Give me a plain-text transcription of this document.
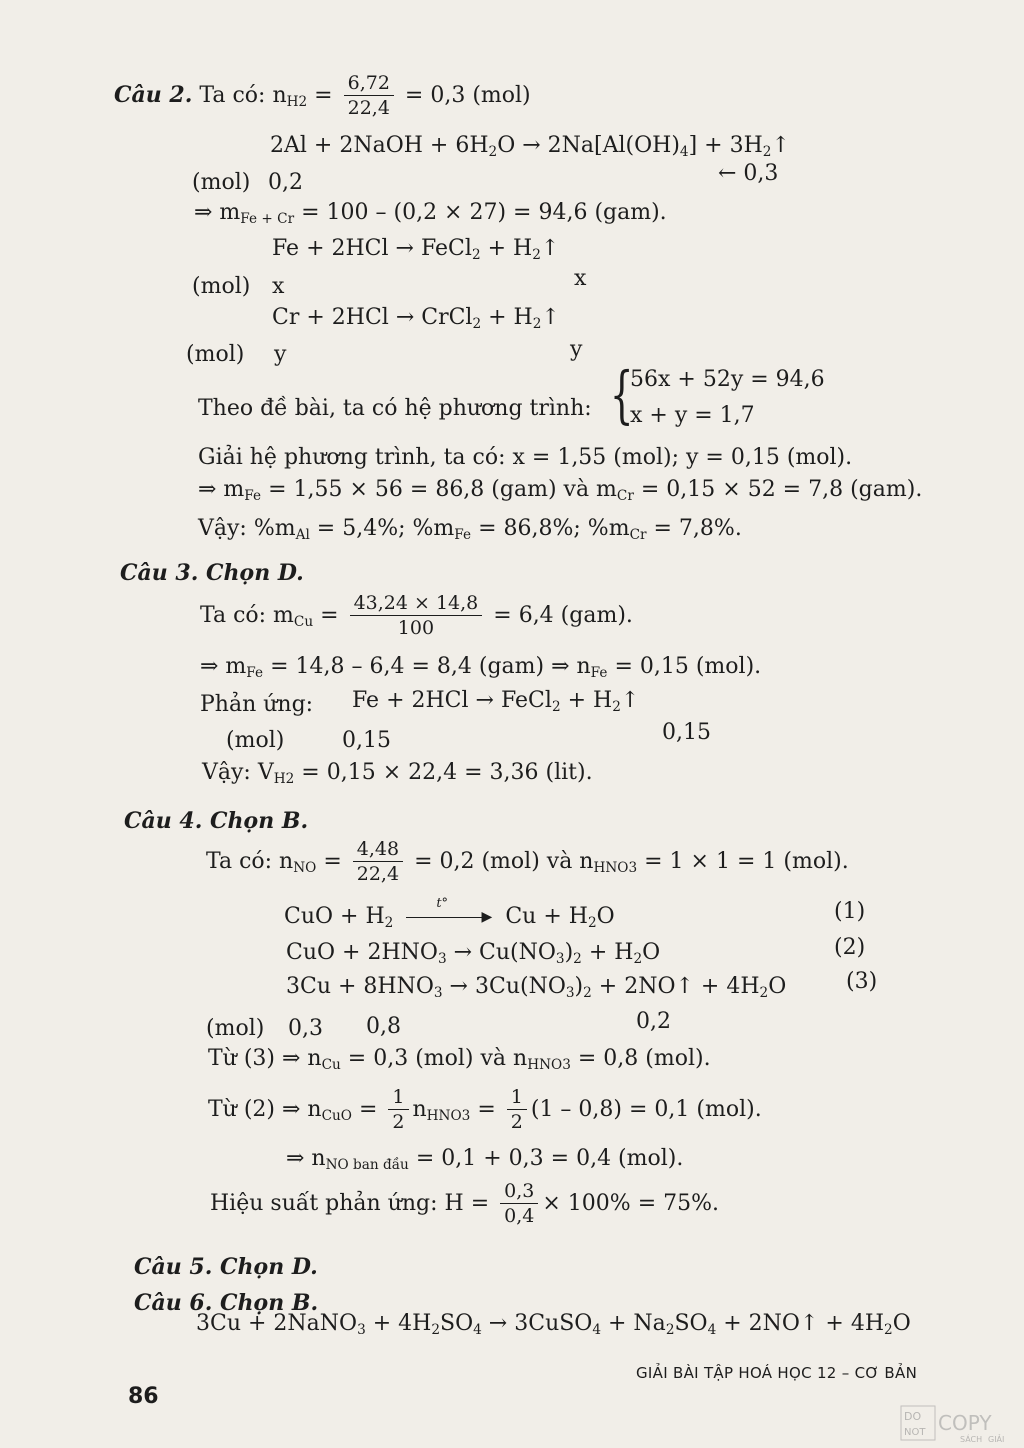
Câu 2. Ta có: $n_{H2} = \frac{6,72}{22,4} = 0,3$ (mol)
2Al + 2NaOH + $6H_2O \to 2Na[Al(OH)_4]$ + $3H_2↑$
(mol) 0,2	← 0,3
⇒ $m_{Fe + Cr} = 100 - (0,2 \times 27) = 94,6$ (gam).
Fe + 2HCl → FeCl$_2$ + $H_2↑$
(mol) x	x
Cr + 2HCl → CrCl$_2$ + $H_2↑$
(mol) y	y
Theo đề bài, ta có hệ phương trình: {
56x + 52y = 94,6
x + y = 1,7
Giải hệ phương trình, ta có: x = 1,55 (mol); y = 0,15 (mol).
⇒ $m_{Fe} = 1,55 \times 56 = 86,8$ (gam) và $m_{Cr} = 0,15 \times 52 = 7,8$ (gam).
Vậy: $\%m_{Al} = 5,4\%$; $\%m_{Fe} = 86,8\%$; $\%m_{Cr} = 7,8\%$.
Câu 3. Chọn D.
Ta có: $m_{Cu} = \frac{43,24 \times 14,8}{100} = 6,4$ (gam).
⇒ $m_{Fe} = 14,8 - 6,4 = 8,4$ (gam) ⇒ $n_{Fe} = 0,15$ (mol).
Phản ứng: Fe + 2HCl → FeCl$_2$ + $H_2↑$
(mol)	0,15	0,15
Vậy: $V_{H2} = 0,15 \times 22,4 = 3,36$ (lit).
Câu 4. Chọn B.
Ta có: $n_{NO} = \frac{4,48}{22,4} = 0,2$ (mol) và $n_{HNO3} = 1 \times 1 = 1$ (mol).
CuO + $H_2$
t°
▶ $Cu + H_2O$	(1)
CuO + $2HNO_3 \to Cu(NO_3)_2 + H_2O$	(2)
$3Cu + 8HNO_3 \to 3Cu(NO_3)_2$ + 2NO↑ + $4H_2O$	(3)
(mol) 0,3 0,8	0,2
Từ (3) ⇒ $n_{Cu} = 0,3$ (mol) và $n_{HNO3} = 0,8$ (mol).
Từ (2) ⇒ $n_{CuO} = \frac{1}{2} n_{HNO3} = \frac{1}{2} (1 - 0,8) = 0,1$ (mol).
⇒ $n_{NO ban đầu} = 0,1 + 0,3 = 0,4$ (mol).
Hiệu suất phản ứng: $H = \frac{0,3}{0,4} \times 100\% = 75\%$.
Câu 5. Chọn D.
Câu 6. Chọn B.
3Cu + 2NaNO$_3$ + $4H_2SO_4$ → 3CuSO$_4$ + $Na_2SO_4$ + 2NO↑ + $4H_2O$
GIẢI BÀI TẬP HOÁ HỌC 12 – CƠ BẢN
86
DO
NOT COPY
SÁCH GIẢI
